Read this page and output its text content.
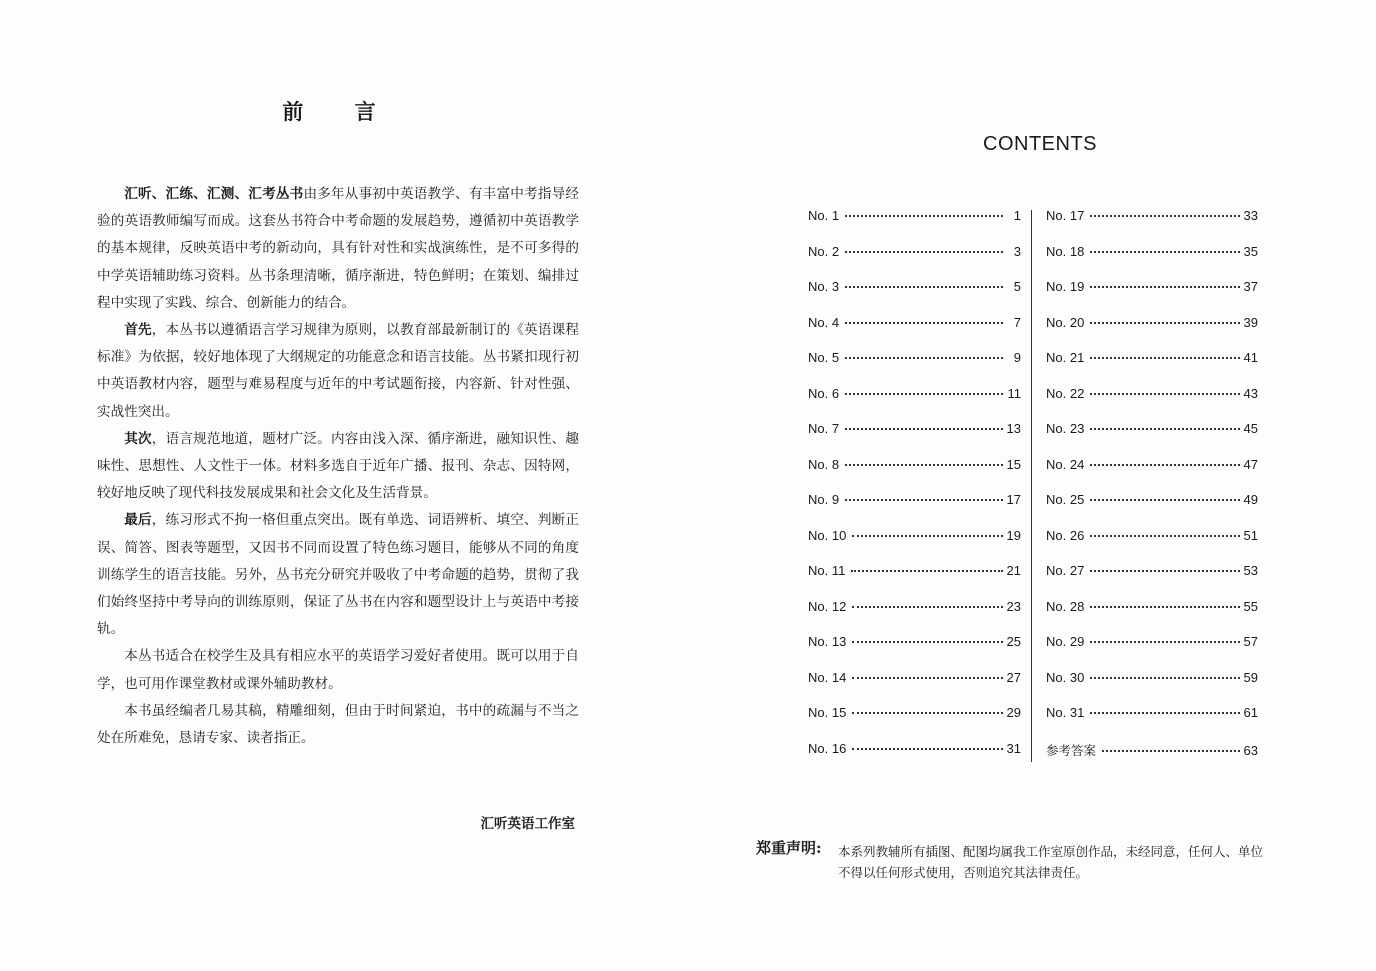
前 言

汇听、汇练、汇测、汇考丛书由多年从事初中英语教学、有丰富中考指导经验的英语教师编写而成。这套丛书符合中考命题的发展趋势，遵循初中英语教学的基本规律，反映英语中考的新动向，具有针对性和实战演练性，是不可多得的中学英语辅助练习资料。丛书条理清晰，循序渐进，特色鲜明；在策划、编排过程中实现了实践、综合、创新能力的结合。

首先，本丛书以遵循语言学习规律为原则，以教育部最新制订的《英语课程标准》为依据，较好地体现了大纲规定的功能意念和语言技能。丛书紧扣现行初中英语教材内容，题型与难易程度与近年的中考试题衔接，内容新、针对性强、实战性突出。

其次，语言规范地道，题材广泛。内容由浅入深、循序渐进，融知识性、趣味性、思想性、人文性于一体。材料多选自于近年广播、报刊、杂志、因特网，较好地反映了现代科技发展成果和社会文化及生活背景。

最后，练习形式不拘一格但重点突出。既有单选、词语辨析、填空、判断正误、简答、图表等题型，又因书不同而设置了特色练习题目，能够从不同的角度训练学生的语言技能。另外，丛书充分研究并吸收了中考命题的趋势，贯彻了我们始终坚持中考导向的训练原则，保证了丛书在内容和题型设计上与英语中考接轨。

本丛书适合在校学生及具有相应水平的英语学习爱好者使用。既可以用于自学，也可用作课堂教材或课外辅助教材。

本书虽经编者几易其稿，精雕细刻，但由于时间紧迫，书中的疏漏与不当之处在所难免，恳请专家、读者指正。

汇听英语工作室
CONTENTS
No. 1	1
No. 2	3
No. 3	5
No. 4	7
No. 5	9
No. 6	11
No. 7	13
No. 8	15
No. 9	17
No. 10	19
No. 11	21
No. 12	23
No. 13	25
No. 14	27
No. 15	29
No. 16	31
No. 17	33
No. 18	35
No. 19	37
No. 20	39
No. 21	41
No. 22	43
No. 23	45
No. 24	47
No. 25	49
No. 26	51
No. 27	53
No. 28	55
No. 29	57
No. 30	59
No. 31	61
参考答案	63
郑重声明: 本系列教辅所有插图、配图均属我工作室原创作品，未经同意，任何人、单位
不得以任何形式使用，否则追究其法律责任。
